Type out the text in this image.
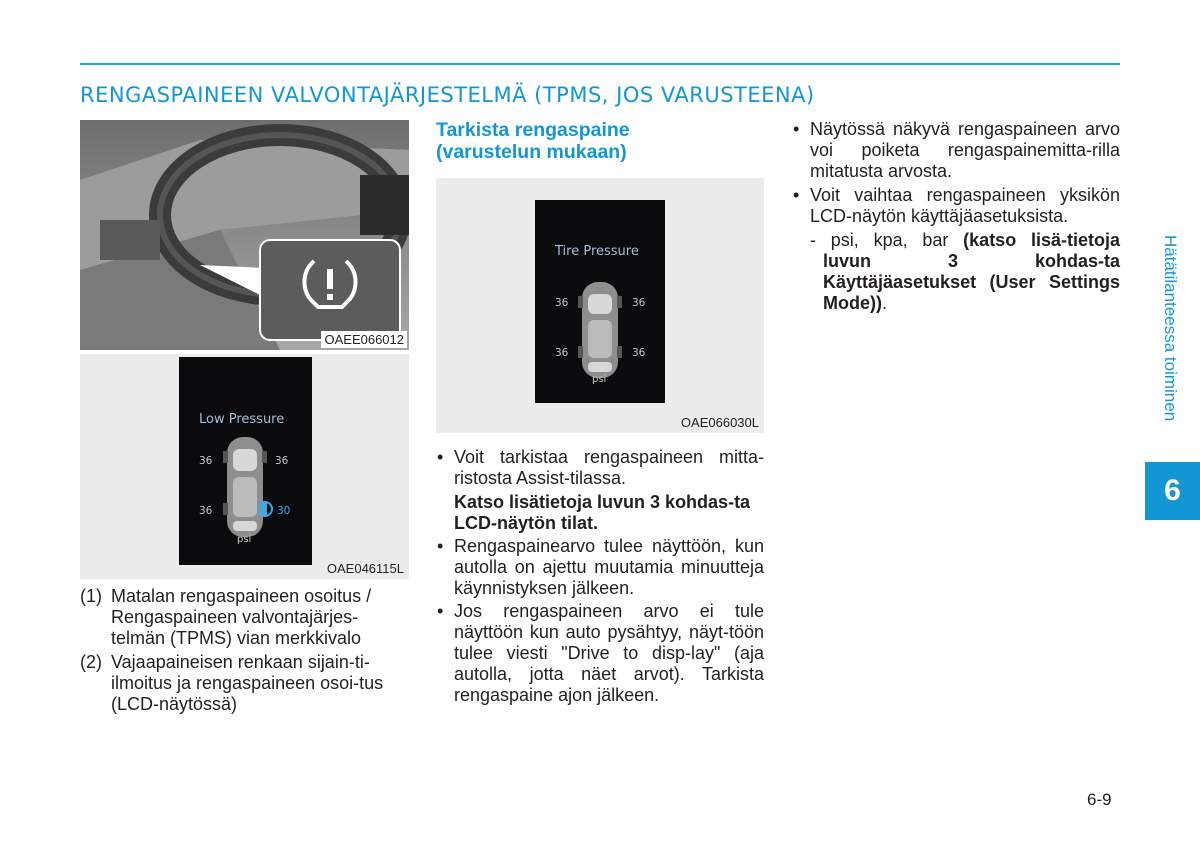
RENGASPAINEEN VALVONTAJÄRJESTELMÄ (TPMS, JOS VARUSTEENA)
OAEE066012
Low Pressure
36	36
36	30
psi
OAE046115L

(1) Matalan rengaspaineen osoitus / Rengaspaineen valvontajärjes-telmän (TPMS) vian merkkivalo

(2) Vajaapaineisen renkaan sijain-ti-ilmoitus ja rengaspaineen osoi-tus (LCD-näytössä)

Tarkista rengaspaine (varustelun mukaan)

Tire Pressure
36	36
36	36
psi
OAE066030L

• Voit tarkistaa rengaspaineen mitta-ristosta Assist-tilassa.

Katso lisätietoja luvun 3 kohdas-ta LCD-näytön tilat.

• Rengaspainearvo tulee näyttöön, kun autolla on ajettu muutamia minuutteja käynnistyksen jälkeen.

• Jos rengaspaineen arvo ei tule näyttöön kun auto pysähtyy, näyt-töön tulee viesti "Drive to disp-lay" (aja autolla, jotta näet arvot). Tarkista rengaspaine ajon jälkeen.

• Näytössä näkyvä rengaspaineen arvo voi poiketa rengaspainemitta-rilla mitatusta arvosta.

• Voit vaihtaa rengaspaineen yksikön LCD-näytön käyttäjäasetuksista.

- psi, kpa, bar (katso lisä-tietoja luvun 3 kohdas-ta Käyttäjäasetukset (User Settings Mode)).	Hätätilanteessa toiminen
6
6-9
